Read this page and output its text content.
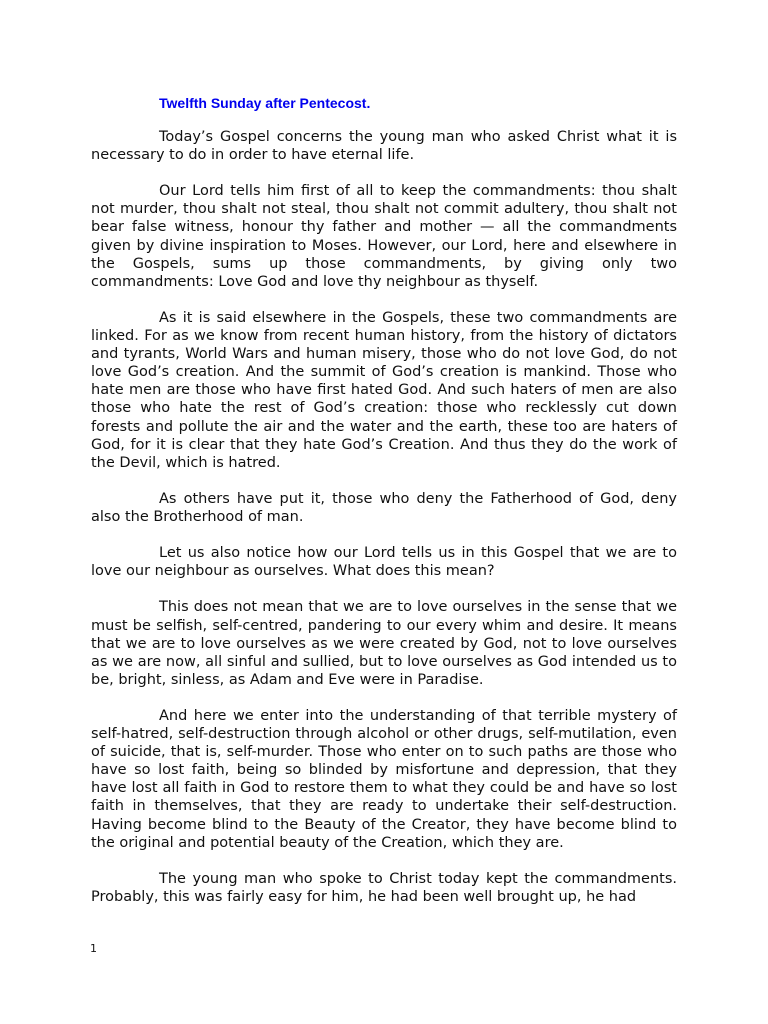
Twelfth Sunday after Pentecost.

Today’s Gospel concerns the young man who asked Christ what it is necessary to do in order to have eternal life.

Our Lord tells him first of all to keep the commandments: thou shalt not murder, thou shalt not steal, thou shalt not commit adultery, thou shalt not bear false witness, honour thy father and mother — all the commandments given by divine inspiration to Moses. However, our Lord, here and elsewhere in the Gospels, sums up those commandments, by giving only two commandments: Love God and love thy neighbour as thyself.

As it is said elsewhere in the Gospels, these two commandments are linked. For as we know from recent human history, from the history of dictators and tyrants, World Wars and human misery, those who do not love God, do not love God’s creation. And the summit of God’s creation is mankind. Those who hate men are those who have first hated God. And such haters of men are also those who hate the rest of God’s creation: those who recklessly cut down forests and pollute the air and the water and the earth, these too are haters of God, for it is clear that they hate God’s Creation. And thus they do the work of the Devil, which is hatred.

As others have put it, those who deny the Fatherhood of God, deny also the Brotherhood of man.

Let us also notice how our Lord tells us in this Gospel that we are to love our neighbour as ourselves. What does this mean?

This does not mean that we are to love ourselves in the sense that we must be selfish, self-centred, pandering to our every whim and desire. It means that we are to love ourselves as we were created by God, not to love ourselves as we are now, all sinful and sullied, but to love ourselves as God intended us to be, bright, sinless, as Adam and Eve were in Paradise.

And here we enter into the understanding of that terrible mystery of self-hatred, self-destruction through alcohol or other drugs, self-mutilation, even of suicide, that is, self-murder. Those who enter on to such paths are those who have so lost faith, being so blinded by misfortune and depression, that they have lost all faith in God to restore them to what they could be and have so lost faith in themselves, that they are ready to undertake their self-destruction. Having become blind to the Beauty of the Creator, they have become blind to the original and potential beauty of the Creation, which they are.

The young man who spoke to Christ today kept the commandments. Probably, this was fairly easy for him, he had been well brought up, he had

1
